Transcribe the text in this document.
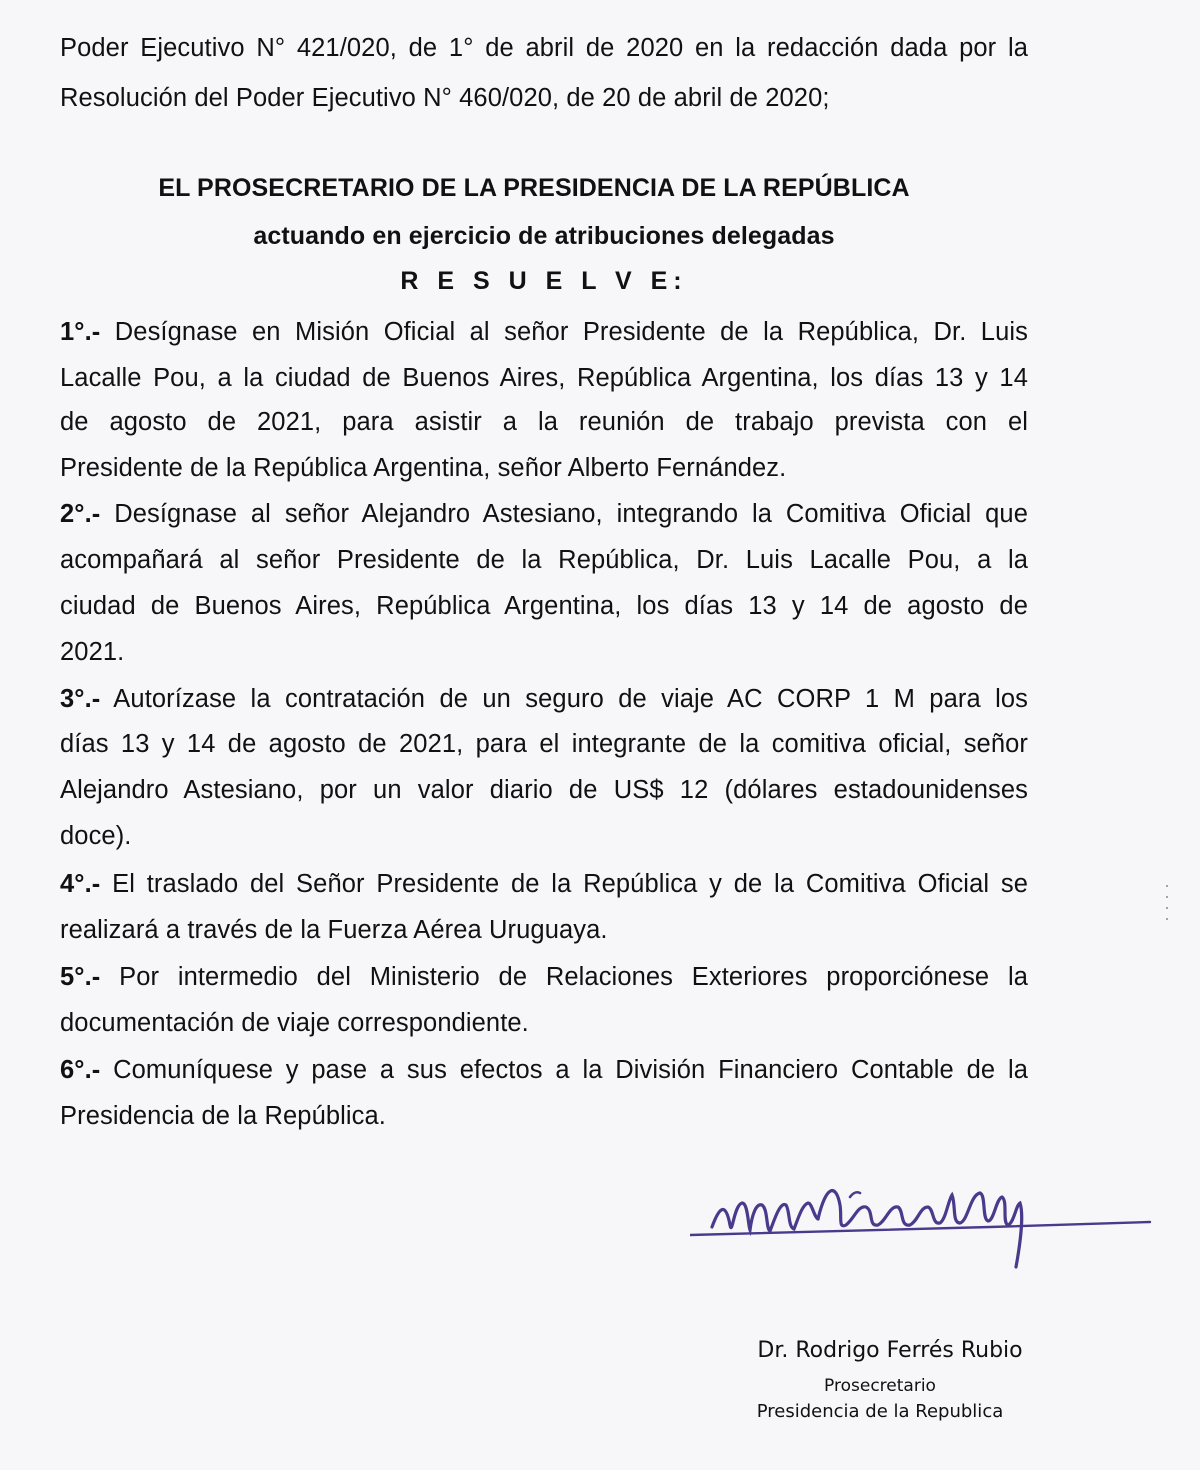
Poder Ejecutivo N° 421/020, de 1° de abril de 2020 en la redacción dada por la
Resolución del Poder Ejecutivo N° 460/020, de 20 de abril de 2020;
EL PROSECRETARIO DE LA PRESIDENCIA DE LA REPÚBLICA
actuando en ejercicio de atribuciones delegadas
R E S U E L V E:
1°.- Desígnase en Misión Oficial al señor Presidente de la República, Dr. Luis
Lacalle Pou, a la ciudad de Buenos Aires, República Argentina, los días 13 y 14
de agosto de 2021, para asistir a la reunión de trabajo prevista con el
Presidente de la República Argentina, señor Alberto Fernández.
2°.- Desígnase al señor Alejandro Astesiano, integrando la Comitiva Oficial que
acompañará al señor Presidente de la República, Dr. Luis Lacalle Pou, a la
ciudad de Buenos Aires, República Argentina, los días 13 y 14 de agosto de
2021.
3°.- Autorízase la contratación de un seguro de viaje AC CORP 1 M para los
días 13 y 14 de agosto de 2021, para el integrante de la comitiva oficial, señor
Alejandro Astesiano, por un valor diario de US$ 12 (dólares estadounidenses
doce).
4°.- El traslado del Señor Presidente de la República y de la Comitiva Oficial se
realizará a través de la Fuerza Aérea Uruguaya.
5°.- Por intermedio del Ministerio de Relaciones Exteriores proporciónese la
documentación de viaje correspondiente.
6°.- Comuníquese y pase a sus efectos a la División Financiero Contable de la
Presidencia de la República.
Dr. Rodrigo Ferrés Rubio
Prosecretario
Presidencia de la Republica
